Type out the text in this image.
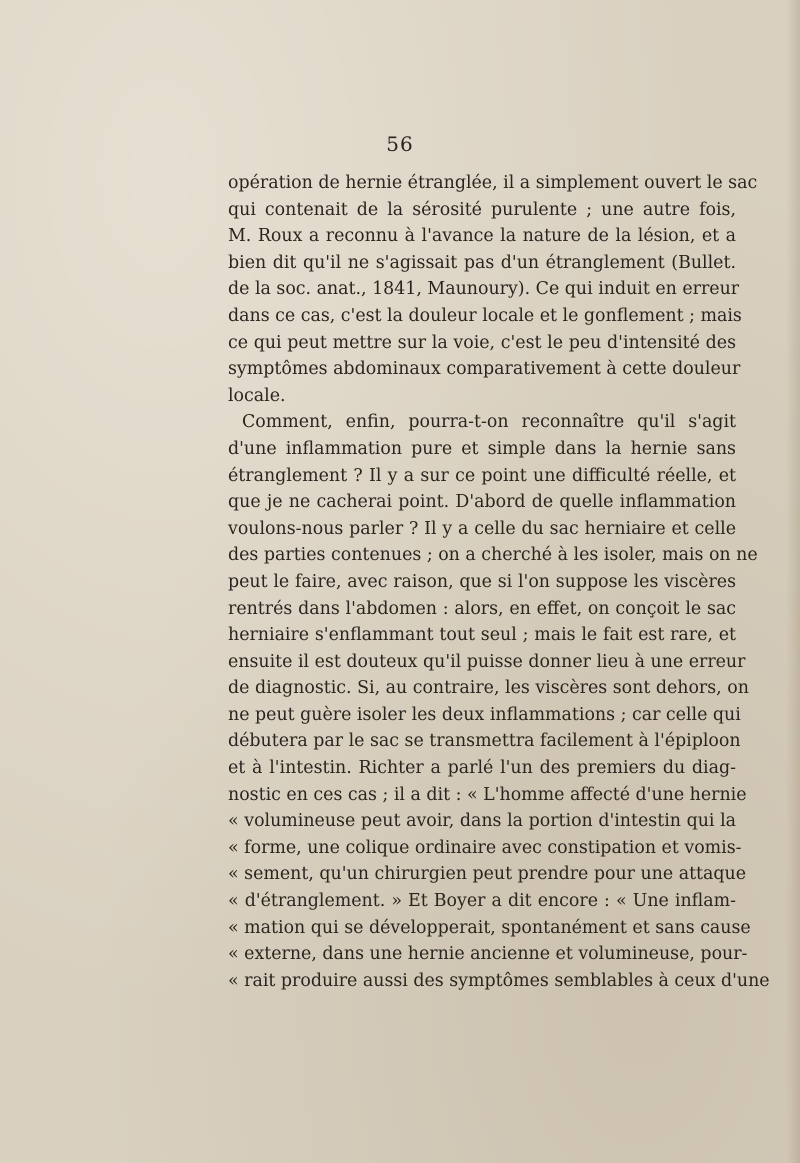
56
opération de hernie étranglée, il a simplement ouvert le sac
qui contenait de la sérosité purulente ; une autre fois,
M. Roux a reconnu à l'avance la nature de la lésion, et a
bien dit qu'il ne s'agissait pas d'un étranglement (Bullet.
de la soc. anat., 1841, Maunoury). Ce qui induit en erreur
dans ce cas, c'est la douleur locale et le gonflement ; mais
ce qui peut mettre sur la voie, c'est le peu d'intensité des
symptômes abdominaux comparativement à cette douleur
locale.
Comment, enfin, pourra-t-on reconnaître qu'il s'agit
d'une inflammation pure et simple dans la hernie sans
étranglement ? Il y a sur ce point une difficulté réelle, et
que je ne cacherai point. D'abord de quelle inflammation
voulons-nous parler ? Il y a celle du sac herniaire et celle
des parties contenues ; on a cherché à les isoler, mais on ne
peut le faire, avec raison, que si l'on suppose les viscères
rentrés dans l'abdomen : alors, en effet, on conçoit le sac
herniaire s'enflammant tout seul ; mais le fait est rare, et
ensuite il est douteux qu'il puisse donner lieu à une erreur
de diagnostic. Si, au contraire, les viscères sont dehors, on
ne peut guère isoler les deux inflammations ; car celle qui
débutera par le sac se transmettra facilement à l'épiploon
et à l'intestin. Richter a parlé l'un des premiers du diag-
nostic en ces cas ; il a dit : « L'homme affecté d'une hernie
« volumineuse peut avoir, dans la portion d'intestin qui la
« forme, une colique ordinaire avec constipation et vomis-
« sement, qu'un chirurgien peut prendre pour une attaque
« d'étranglement. » Et Boyer a dit encore : « Une inflam-
« mation qui se développerait, spontanément et sans cause
« externe, dans une hernie ancienne et volumineuse, pour-
« rait produire aussi des symptômes semblables à ceux d'une
